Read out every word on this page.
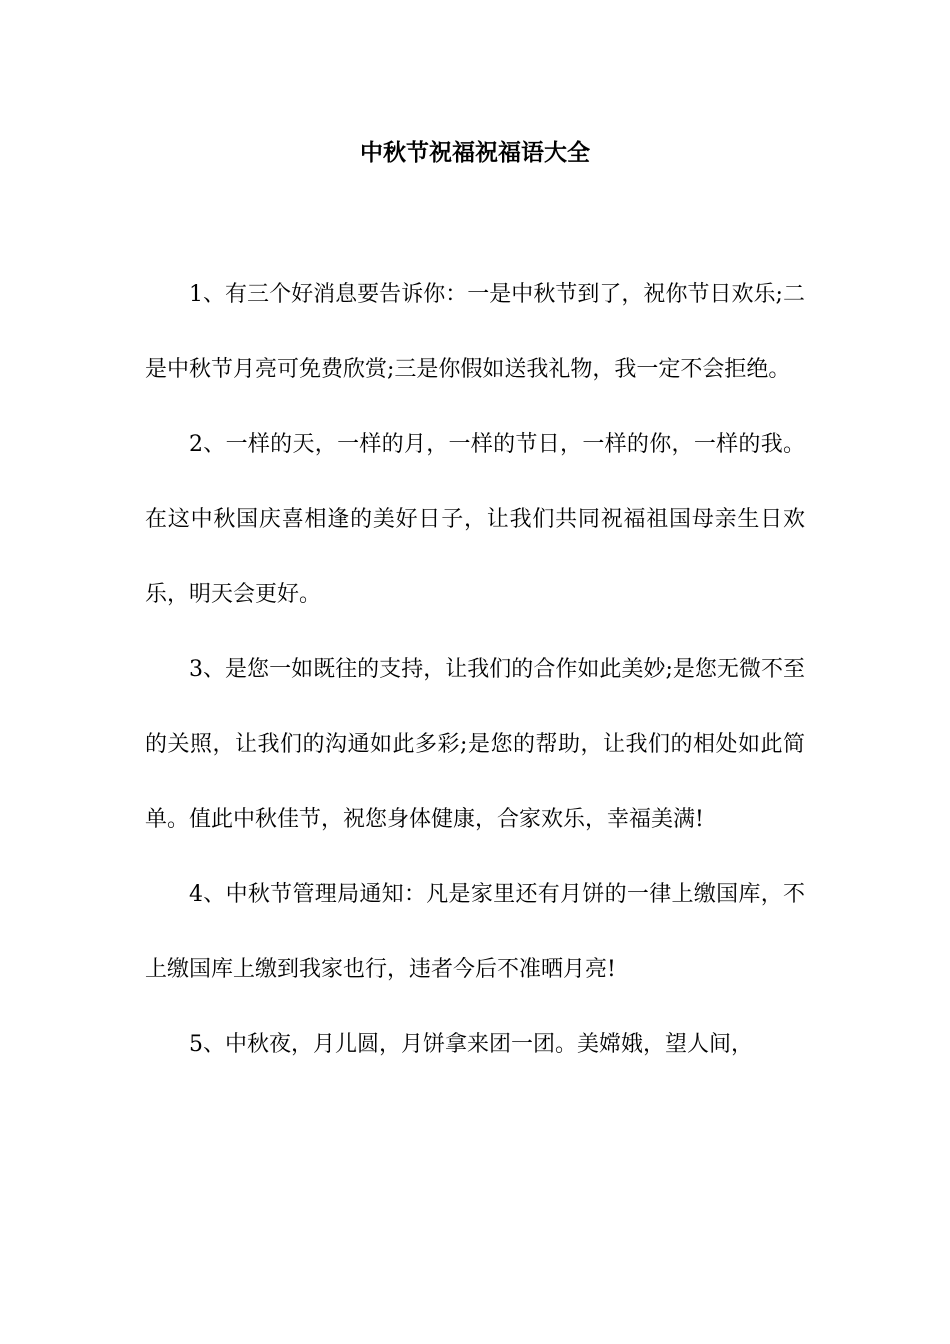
中秋节祝福祝福语大全

1、有三个好消息要告诉你：一是中秋节到了，祝你节日欢乐;二是中秋节月亮可免费欣赏;三是你假如送我礼物，我一定不会拒绝。

2、一样的天，一样的月，一样的节日，一样的你，一样的我。在这中秋国庆喜相逢的美好日子，让我们共同祝福祖国母亲生日欢乐，明天会更好。

3、是您一如既往的支持，让我们的合作如此美妙;是您无微不至的关照，让我们的沟通如此多彩;是您的帮助，让我们的相处如此简单。值此中秋佳节，祝您身体健康，合家欢乐，幸福美满!

4、中秋节管理局通知：凡是家里还有月饼的一律上缴国库，不上缴国库上缴到我家也行，违者今后不准晒月亮!

5、中秋夜，月儿圆，月饼拿来团一团。美嫦娥，望人间，
